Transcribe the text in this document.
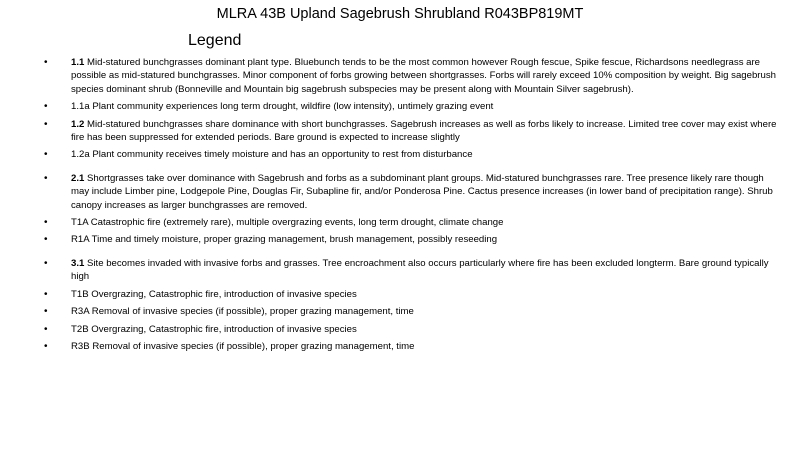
MLRA 43B Upland Sagebrush Shrubland R043BP819MT
Legend
• 1.1 Mid-statured bunchgrasses dominant plant type. Bluebunch tends to be the most common however Rough fescue, Spike fescue, Richardsons needlegrass are possible as mid-statured bunchgrasses. Minor component of forbs growing between shortgrasses. Forbs will rarely exceed 10% composition by weight. Big sagebrush species dominant shrub (Bonneville and Mountain big sagebrush subspecies may be present along with Mountain Silver sagebrush).
• 1.1a Plant community experiences long term drought, wildfire (low intensity), untimely grazing event
• 1.2 Mid-statured bunchgrasses share dominance with short bunchgrasses. Sagebrush increases as well as forbs likely to increase. Limited tree cover may exist where fire has been suppressed for extended periods. Bare ground is expected to increase slightly
• 1.2a Plant community receives timely moisture and has an opportunity to rest from disturbance
• 2.1 Shortgrasses take over dominance with Sagebrush and forbs as a subdominant plant groups. Mid-statured bunchgrasses rare. Tree presence likely rare though may include Limber pine, Lodgepole Pine, Douglas Fir, Subapline fir, and/or Ponderosa Pine. Cactus presence increases (in lower band of precipitation range). Shrub canopy increases as larger bunchgrasses are removed.
• T1A Catastrophic fire (extremely rare), multiple overgrazing events, long term drought, climate change
• R1A Time and timely moisture, proper grazing management, brush management, possibly reseeding
• 3.1 Site becomes invaded with invasive forbs and grasses. Tree encroachment also occurs particularly where fire has been excluded longterm. Bare ground typically high
• T1B Overgrazing, Catastrophic fire, introduction of invasive species
• R3A Removal of invasive species (if possible), proper grazing management, time
• T2B Overgrazing, Catastrophic fire, introduction of invasive species
• R3B Removal of invasive species (if possible), proper grazing management, time
